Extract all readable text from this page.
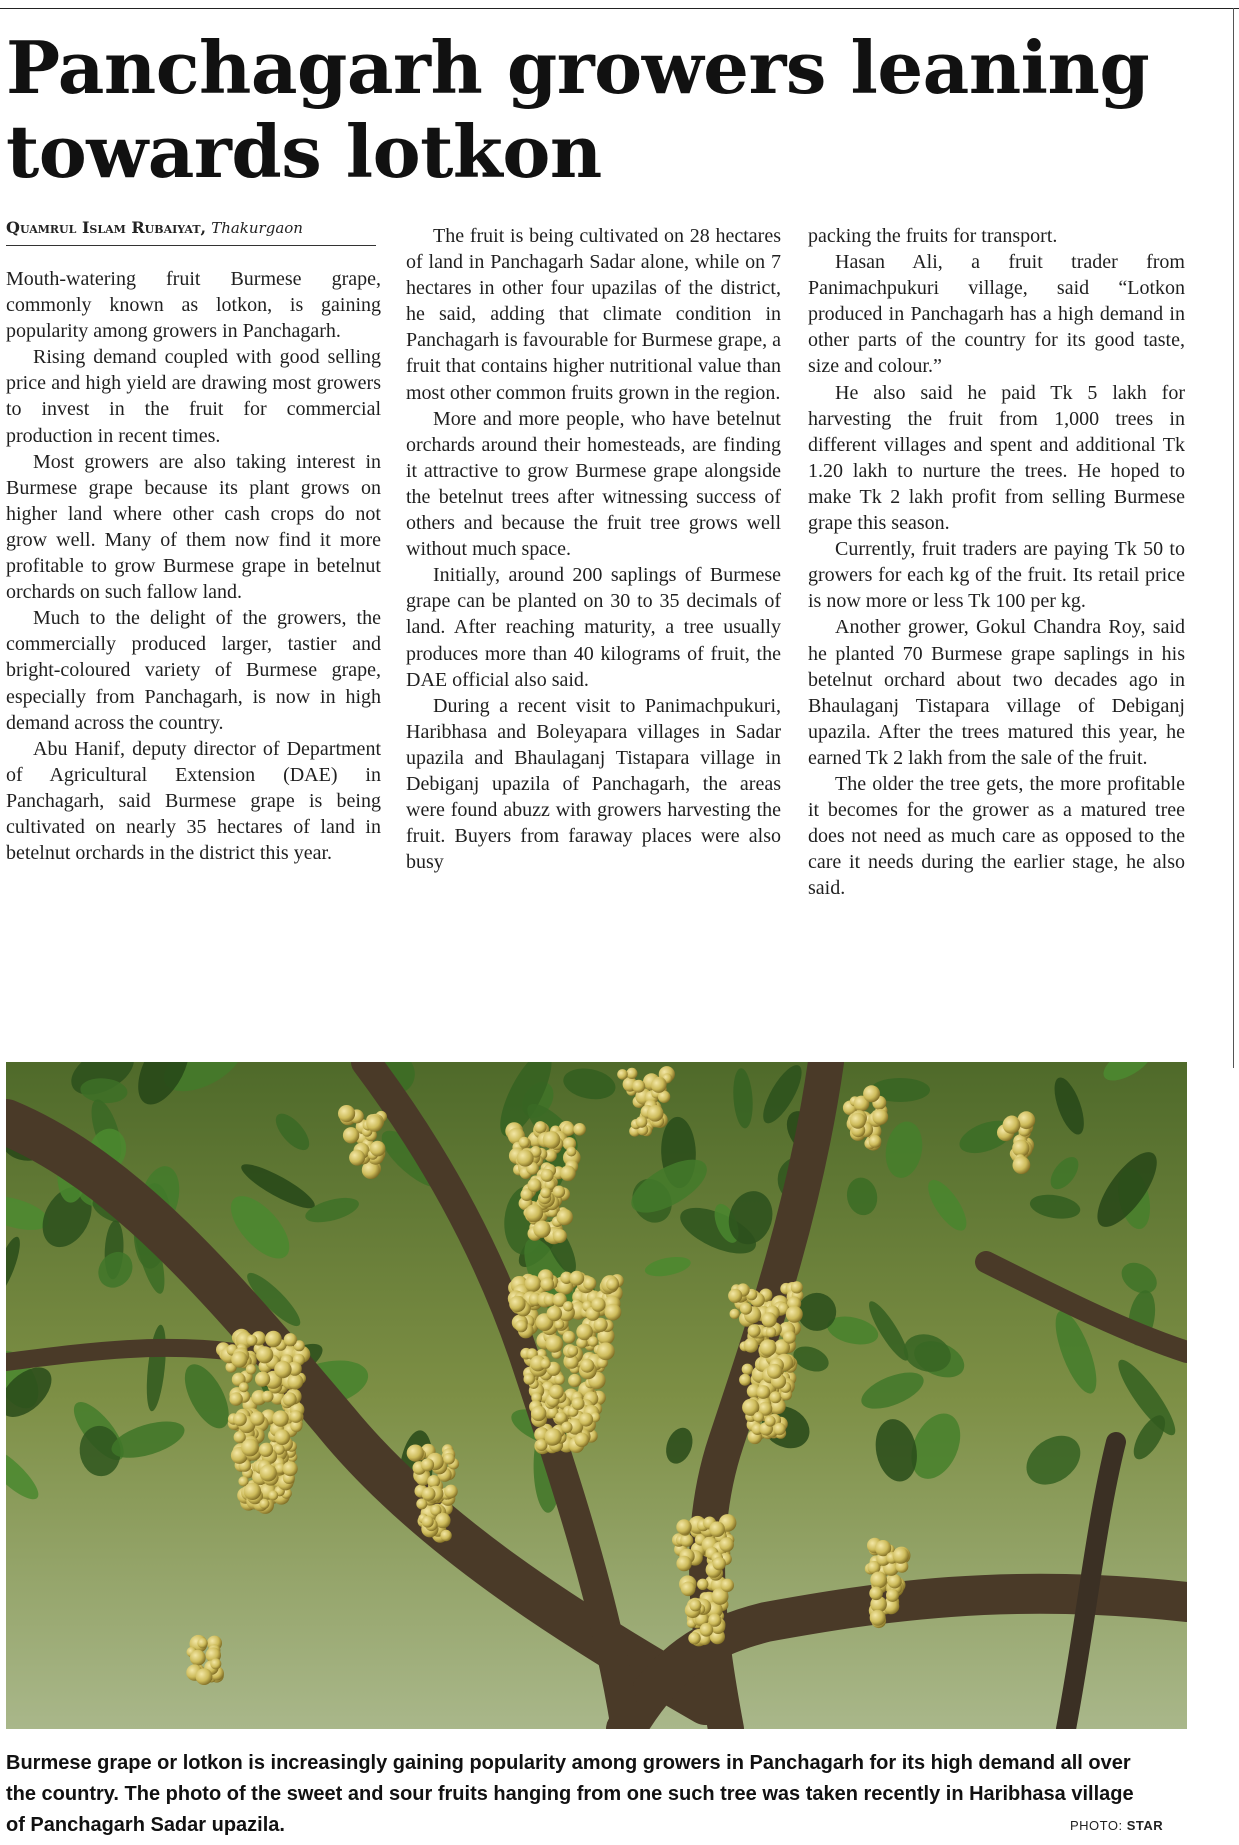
Panchagarh growers leaning towards lotkon
Quamrul Islam Rubaiyat, Thakurgaon

Mouth-watering fruit Burmese grape, commonly known as lotkon, is gaining popularity among growers in Panchagarh.

Rising demand coupled with good selling price and high yield are drawing most growers to invest in the fruit for commercial production in recent times.

Most growers are also taking interest in Burmese grape because its plant grows on higher land where other cash crops do not grow well. Many of them now find it more profitable to grow Burmese grape in betelnut orchards on such fallow land.

Much to the delight of the growers, the commercially produced larger, tastier and bright-coloured variety of Burmese grape, especially from Panchagarh, is now in high demand across the country.

Abu Hanif, deputy director of Department of Agricultural Extension (DAE) in Panchagarh, said Burmese grape is being cultivated on nearly 35 hectares of land in betelnut orchards in the district this year.

The fruit is being cultivated on 28 hectares of land in Panchagarh Sadar alone, while on 7 hectares in other four upazilas of the district, he said, adding that climate condition in Panchagarh is favourable for Burmese grape, a fruit that contains higher nutritional value than most other common fruits grown in the region.

More and more people, who have betelnut orchards around their homesteads, are finding it attractive to grow Burmese grape alongside the betelnut trees after witnessing success of others and because the fruit tree grows well without much space.

Initially, around 200 saplings of Burmese grape can be planted on 30 to 35 decimals of land. After reaching maturity, a tree usually produces more than 40 kilograms of fruit, the DAE official also said.

During a recent visit to Panimachpukuri, Haribhasa and Boleyapara villages in Sadar upazila and Bhaulaganj Tistapara village in Debiganj upazila of Panchagarh, the areas were found abuzz with growers harvesting the fruit. Buyers from faraway places were also busy

packing the fruits for transport.

Hasan Ali, a fruit trader from Panimachpukuri village, said “Lotkon produced in Panchagarh has a high demand in other parts of the country for its good taste, size and colour.”

He also said he paid Tk 5 lakh for harvesting the fruit from 1,000 trees in different villages and spent and additional Tk 1.20 lakh to nurture the trees. He hoped to make Tk 2 lakh profit from selling Burmese grape this season.

Currently, fruit traders are paying Tk 50 to growers for each kg of the fruit. Its retail price is now more or less Tk 100 per kg.

Another grower, Gokul Chandra Roy, said he planted 70 Burmese grape saplings in his betelnut orchard about two decades ago in Bhaulaganj Tistapara village of Debiganj upazila. After the trees matured this year, he earned Tk 2 lakh from the sale of the fruit.

The older the tree gets, the more profitable it becomes for the grower as a matured tree does not need as much care as opposed to the care it needs during the earlier stage, he also said.

Burmese grape or lotkon is increasingly gaining popularity among growers in Panchagarh for its high demand all over the country. The photo of the sweet and sour fruits hanging from one such tree was taken recently in Haribhasa village of Panchagarh Sadar upazila.	PHOTO: STAR
